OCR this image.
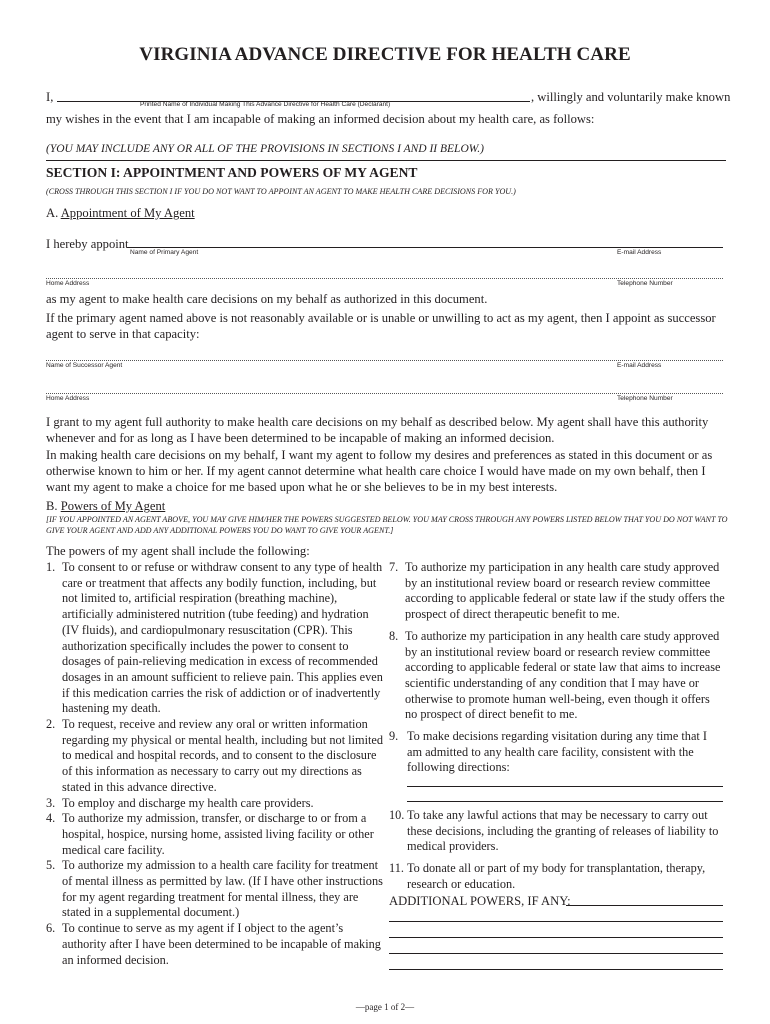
VIRGINIA ADVANCE DIRECTIVE FOR HEALTH CARE
I,
Printed Name of Individual Making This Advance Directive for Health Care (Declarant)
, willingly and voluntarily make known
my wishes in the event that I am incapable of making an informed decision about my health care, as follows:
(YOU MAY INCLUDE ANY OR ALL OF THE PROVISIONS IN SECTIONS I AND II BELOW.)
SECTION I: APPOINTMENT AND POWERS OF MY AGENT
(CROSS THROUGH THIS SECTION I IF YOU DO NOT WANT TO APPOINT AN AGENT TO MAKE HEALTH CARE DECISIONS FOR YOU.)
A. Appointment of My Agent
I hereby appoint
Name of Primary Agent	E-mail Address
Home Address	Telephone Number
as my agent to make health care decisions on my behalf as authorized in this document.
If the primary agent named above is not reasonably available or is unable or unwilling to act as my agent, then I appoint as successor agent to serve in that capacity:
Name of Successor Agent	E-mail Address
Home Address	Telephone Number
I grant to my agent full authority to make health care decisions on my behalf as described below. My agent shall have this authority whenever and for as long as I have been determined to be incapable of making an informed decision.
In making health care decisions on my behalf, I want my agent to follow my desires and preferences as stated in this document or as otherwise known to him or her. If my agent cannot determine what health care choice I would have made on my own behalf, then I want my agent to make a choice for me based upon what he or she believes to be in my best interests.
B. Powers of My Agent
[IF YOU APPOINTED AN AGENT ABOVE, YOU MAY GIVE HIM/HER THE POWERS SUGGESTED BELOW. YOU MAY CROSS THROUGH ANY POWERS LISTED BELOW THAT YOU DO NOT WANT TO GIVE YOUR AGENT AND ADD ANY ADDITIONAL POWERS YOU DO WANT TO GIVE YOUR AGENT.]
The powers of my agent shall include the following:
1. To consent to or refuse or withdraw consent to any type of health care or treatment that affects any bodily function, including, but not limited to, artificial respiration (breathing machine), artificially administered nutrition (tube feeding) and hydration (IV fluids), and cardiopulmonary resuscitation (CPR). This authorization specifically includes the power to consent to dosages of pain-relieving medication in excess of recommended dosages in an amount sufficient to relieve pain. This applies even if this medication carries the risk of addiction or of inadvertently hastening my death.
2. To request, receive and review any oral or written information regarding my physical or mental health, including but not limited to medical and hospital records, and to consent to the disclosure of this information as necessary to carry out my directions as stated in this advance directive.
3. To employ and discharge my health care providers.
4. To authorize my admission, transfer, or discharge to or from a hospital, hospice, nursing home, assisted living facility or other medical care facility.
5. To authorize my admission to a health care facility for treatment of mental illness as permitted by law. (If I have other instructions for my agent regarding treatment for mental illness, they are stated in a supplemental document.)
6. To continue to serve as my agent if I object to the agent’s authority after I have been determined to be incapable of making an informed decision.
7. To authorize my participation in any health care study approved by an institutional review board or research review committee according to applicable federal or state law if the study offers the prospect of direct therapeutic benefit to me.
8. To authorize my participation in any health care study approved by an institutional review board or research review committee according to applicable federal or state law that aims to increase scientific understanding of any condition that I may have or otherwise to promote human well-being, even though it offers no prospect of direct benefit to me.
9. To make decisions regarding visitation during any time that I am admitted to any health care facility, consistent with the following directions:
10. To take any lawful actions that may be necessary to carry out these decisions, including the granting of releases of liability to medical providers.
11. To donate all or part of my body for transplantation, therapy, research or education.
ADDITIONAL POWERS, IF ANY:
—page 1 of 2—
